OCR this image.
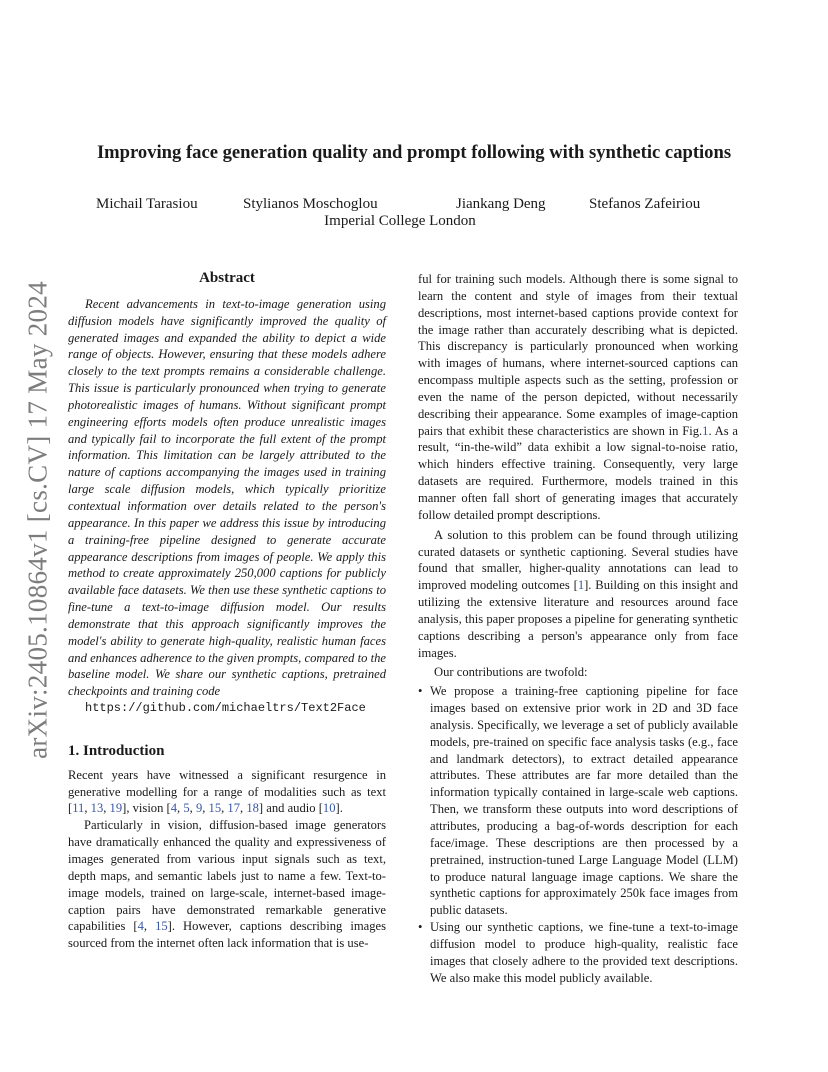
arXiv:2405.10864v1 [cs.CV] 17 May 2024
Improving face generation quality and prompt following with synthetic captions
Michail Tarasiou	Stylianos Moschoglou	Jiankang Deng	Stefanos Zafeiriou
Imperial College London
Abstract

Recent advancements in text-to-image generation using diffusion models have significantly improved the quality of generated images and expanded the ability to depict a wide range of objects. However, ensuring that these models adhere closely to the text prompts remains a considerable challenge. This issue is particularly pronounced when trying to generate photorealistic images of humans. Without significant prompt engineering efforts models often produce unrealistic images and typically fail to incorporate the full extent of the prompt information. This limitation can be largely attributed to the nature of captions accompanying the images used in training large scale diffusion models, which typically prioritize contextual information over details related to the person's appearance. In this paper we address this issue by introducing a training-free pipeline designed to generate accurate appearance descriptions from images of people. We apply this method to create approximately 250,000 captions for publicly available face datasets. We then use these synthetic captions to fine-tune a text-to-image diffusion model. Our results demonstrate that this approach significantly improves the model's ability to generate high-quality, realistic human faces and enhances adherence to the given prompts, compared to the baseline model. We share our synthetic captions, pretrained checkpoints and training code
https://github.com/michaeltrs/Text2Face

1. Introduction

Recent years have witnessed a significant resurgence in generative modelling for a range of modalities such as text [11, 13, 19], vision [4, 5, 9, 15, 17, 18] and audio [10].

Particularly in vision, diffusion-based image generators have dramatically enhanced the quality and expressiveness of images generated from various input signals such as text, depth maps, and semantic labels just to name a few. Text-to-image models, trained on large-scale, internet-based image-caption pairs have demonstrated remarkable generative capabilities [4, 15]. However, captions describing images sourced from the internet often lack information that is use-

ful for training such models. Although there is some signal to learn the content and style of images from their textual descriptions, most internet-based captions provide context for the image rather than accurately describing what is depicted. This discrepancy is particularly pronounced when working with images of humans, where internet-sourced captions can encompass multiple aspects such as the setting, profession or even the name of the person depicted, without necessarily describing their appearance. Some examples of image-caption pairs that exhibit these characteristics are shown in Fig.1. As a result, “in-the-wild” data exhibit a low signal-to-noise ratio, which hinders effective training. Consequently, very large datasets are required. Furthermore, models trained in this manner often fall short of generating images that accurately follow detailed prompt descriptions.

A solution to this problem can be found through utilizing curated datasets or synthetic captioning. Several studies have found that smaller, higher-quality annotations can lead to improved modeling outcomes [1]. Building on this insight and utilizing the extensive literature and resources around face analysis, this paper proposes a pipeline for generating synthetic captions describing a person's appearance only from face images.

Our contributions are twofold:

• We propose a training-free captioning pipeline for face images based on extensive prior work in 2D and 3D face analysis. Specifically, we leverage a set of publicly available models, pre-trained on specific face analysis tasks (e.g., face and landmark detectors), to extract detailed appearance attributes. These attributes are far more detailed than the information typically contained in large-scale web captions. Then, we transform these outputs into word descriptions of attributes, producing a bag-of-words description for each face/image. These descriptions are then processed by a pretrained, instruction-tuned Large Language Model (LLM) to produce natural language image captions. We share the synthetic captions for approximately 250k face images from public datasets.
• Using our synthetic captions, we fine-tune a text-to-image diffusion model to produce high-quality, realistic face images that closely adhere to the provided text descriptions. We also make this model publicly available.
